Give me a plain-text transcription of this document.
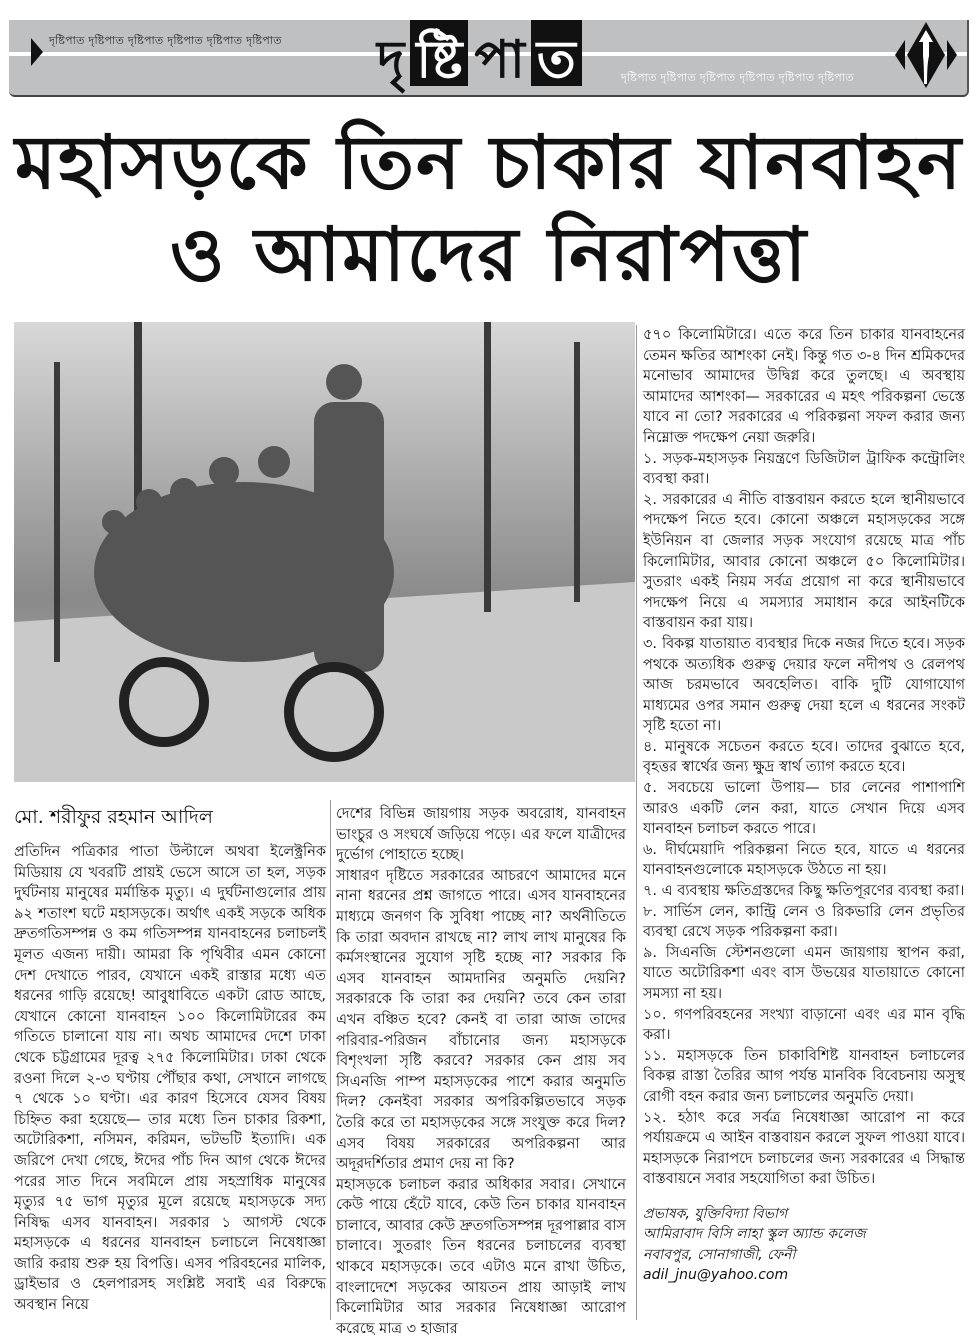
দৃষ্টিপাত দৃষ্টিপাত দৃষ্টিপাত দৃষ্টিপাত দৃষ্টিপাত দৃষ্টিপাত দৃ ষ্টি পা ত	দৃষ্টিপাত দৃষ্টিপাত দৃষ্টিপাত দৃষ্টিপাত দৃষ্টিপাত দৃষ্টিপাত
মহাসড়কে তিন চাকার যানবাহন
ও আমাদের নিরাপত্তা

মো. শরীফুর রহমান আদিল

প্রতিদিন পত্রিকার পাতা উল্টালে অথবা ইলেক্ট্রনিক মিডিয়ায় যে খবরটি প্রায়ই ভেসে আসে তা হল, সড়ক দুর্ঘটনায় মানুষের মর্মান্তিক মৃত্যু। এ দুর্ঘটনাগুলোর প্রায় ৯২ শতাংশ ঘটে মহাসড়কে। অর্থাৎ একই সড়কে অধিক দ্রুতগতিসম্পন্ন ও কম গতিসম্পন্ন যানবাহনের চলাচলই মূলত এজন্য দায়ী। আমরা কি পৃথিবীর এমন কোনো দেশ দেখাতে পারব, যেখানে একই রাস্তার মধ্যে এত ধরনের গাড়ি রয়েছে! আবুধাবিতে একটা রোড আছে, যেখানে কোনো যানবাহন ১০০ কিলোমিটারের কম গতিতে চালানো যায় না। অথচ আমাদের দেশে ঢাকা থেকে চট্টগ্রামের দূরত্ব ২৭৫ কিলোমিটার। ঢাকা থেকে রওনা দিলে ২-৩ ঘণ্টায় পৌঁছার কথা, সেখানে লাগছে ৭ থেকে ১০ ঘণ্টা। এর কারণ হিসেবে যেসব বিষয় চিহ্নিত করা হয়েছে— তার মধ্যে তিন চাকার রিকশা, অটোরিকশা, নসিমন, করিমন, ভটভটি ইত্যাদি। এক জরিপে দেখা গেছে, ঈদের পাঁচ দিন আগ থেকে ঈদের পরের সাত দিনে সবমিলে প্রায় সহস্রাধিক মানুষের মৃত্যুর ৭৫ ভাগ মৃত্যুর মূলে রয়েছে মহাসড়কে সদ্য নিষিদ্ধ এসব যানবাহন। সরকার ১ আগস্ট থেকে মহাসড়কে এ ধরনের যানবাহন চলাচলে নিষেধাজ্ঞা জারি করায় শুরু হয় বিপত্তি। এসব পরিবহনের মালিক, ড্রাইভার ও হেলপারসহ সংশ্লিষ্ট সবাই এর বিরুদ্ধে অবস্থান নিয়ে

দেশের বিভিন্ন জায়গায় সড়ক অবরোধ, যানবাহন ভাংচুর ও সংঘর্ষে জড়িয়ে পড়ে। এর ফলে যাত্রীদের দুর্ভোগ পোহাতে হচ্ছে।

সাধারণ দৃষ্টিতে সরকারের আচরণে আমাদের মনে নানা ধরনের প্রশ্ন জাগতে পারে। এসব যানবাহনের মাধ্যমে জনগণ কি সুবিধা পাচ্ছে না? অর্থনীতিতে কি তারা অবদান রাখছে না? লাখ লাখ মানুষের কি কর্মসংস্থানের সুযোগ সৃষ্টি হচ্ছে না? সরকার কি এসব যানবাহন আমদানির অনুমতি দেয়নি? সরকারকে কি তারা কর দেয়নি? তবে কেন তারা এখন বঞ্চিত হবে? কেনই বা তারা আজ তাদের পরিবার-পরিজন বাঁচানোর জন্য মহাসড়কে বিশৃংখলা সৃষ্টি করবে? সরকার কেন প্রায় সব সিএনজি পাম্প মহাসড়কের পাশে করার অনুমতি দিল? কেনইবা সরকার অপরিকল্পিতভাবে সড়ক তৈরি করে তা মহাসড়কের সঙ্গে সংযুক্ত করে দিল? এসব বিষয় সরকারের অপরিকল্পনা আর অদূরদর্শিতার প্রমাণ দেয় না কি?

মহাসড়কে চলাচল করার অধিকার সবার। সেখানে কেউ পায়ে হেঁটে যাবে, কেউ তিন চাকার যানবাহন চালাবে, আবার কেউ দ্রুতগতিসম্পন্ন দূরপাল্লার বাস চালাবে। সুতরাং তিন ধরনের চলাচলের ব্যবস্থা থাকবে মহাসড়কে। তবে এটাও মনে রাখা উচিত, বাংলাদেশে সড়কের আয়তন প্রায় আড়াই লাখ কিলোমিটার আর সরকার নিষেধাজ্ঞা আরোপ করেছে মাত্র ৩ হাজার

৫৭০ কিলোমিটারে। এতে করে তিন চাকার যানবাহনের তেমন ক্ষতির আশংকা নেই। কিন্তু গত ৩-৪ দিন শ্রমিকদের মনোভাব আমাদের উদ্বিগ্ন করে তুলছে। এ অবস্থায় আমাদের আশংকা— সরকারের এ মহৎ পরিকল্পনা ভেস্তে যাবে না তো? সরকারের এ পরিকল্পনা সফল করার জন্য নিম্নোক্ত পদক্ষেপ নেয়া জরুরি।

১. সড়ক-মহাসড়ক নিয়ন্ত্রণে ডিজিটাল ট্রাফিক কন্ট্রোলিং ব্যবস্থা করা।

২. সরকারের এ নীতি বাস্তবায়ন করতে হলে স্থানীয়ভাবে পদক্ষেপ নিতে হবে। কোনো অঞ্চলে মহাসড়কের সঙ্গে ইউনিয়ন বা জেলার সড়ক সংযোগ রয়েছে মাত্র পাঁচ কিলোমিটার, আবার কোনো অঞ্চলে ৫০ কিলোমিটার। সুতরাং একই নিয়ম সর্বত্র প্রয়োগ না করে স্থানীয়ভাবে পদক্ষেপ নিয়ে এ সমস্যার সমাধান করে আইনটিকে বাস্তবায়ন করা যায়।

৩. বিকল্প যাতায়াত ব্যবস্থার দিকে নজর দিতে হবে। সড়ক পথকে অত্যধিক গুরুত্ব দেয়ার ফলে নদীপথ ও রেলপথ আজ চরমভাবে অবহেলিত। বাকি দুটি যোগাযোগ মাধ্যমের ওপর সমান গুরুত্ব দেয়া হলে এ ধরনের সংকট সৃষ্টি হতো না।

৪. মানুষকে সচেতন করতে হবে। তাদের বুঝাতে হবে, বৃহত্তর স্বার্থের জন্য ক্ষুদ্র স্বার্থ ত্যাগ করতে হবে।

৫. সবচেয়ে ভালো উপায়— চার লেনের পাশাপাশি আরও একটি লেন করা, যাতে সেখান দিয়ে এসব যানবাহন চলাচল করতে পারে।

৬. দীর্ঘমেয়াদি পরিকল্পনা নিতে হবে, যাতে এ ধরনের যানবাহনগুলোকে মহাসড়কে উঠতে না হয়।

৭. এ ব্যবস্থায় ক্ষতিগ্রস্তদের কিছু ক্ষতিপূরণের ব্যবস্থা করা।

৮. সার্ভিস লেন, কান্ট্রি লেন ও রিকভারি লেন প্রভৃতির ব্যবস্থা রেখে সড়ক পরিকল্পনা করা।

৯. সিএনজি স্টেশনগুলো এমন জায়গায় স্থাপন করা, যাতে অটোরিকশা এবং বাস উভয়ের যাতায়াতে কোনো সমস্যা না হয়।

১০. গণপরিবহনের সংখ্যা বাড়ানো এবং এর মান বৃদ্ধি করা।

১১. মহাসড়কে তিন চাকাবিশিষ্ট যানবাহন চলাচলের বিকল্প রাস্তা তৈরির আগ পর্যন্ত মানবিক বিবেচনায় অসুস্থ রোগী বহন করার জন্য চলাচলের অনুমতি দেয়া।

১২. হঠাৎ করে সর্বত্র নিষেধাজ্ঞা আরোপ না করে পর্যায়ক্রমে এ আইন বাস্তবায়ন করলে সুফল পাওয়া যাবে। মহাসড়কে নিরাপদে চলাচলের জন্য সরকারের এ সিদ্ধান্ত বাস্তবায়নে সবার সহযোগিতা করা উচিত।

প্রভাষক, যুক্তিবিদ্যা বিভাগ
আমিরাবাদ বিসি লাহা স্কুল অ্যান্ড কলেজ
নবাবপুর, সোনাগাজী, ফেনী
adil_jnu@yahoo.com
